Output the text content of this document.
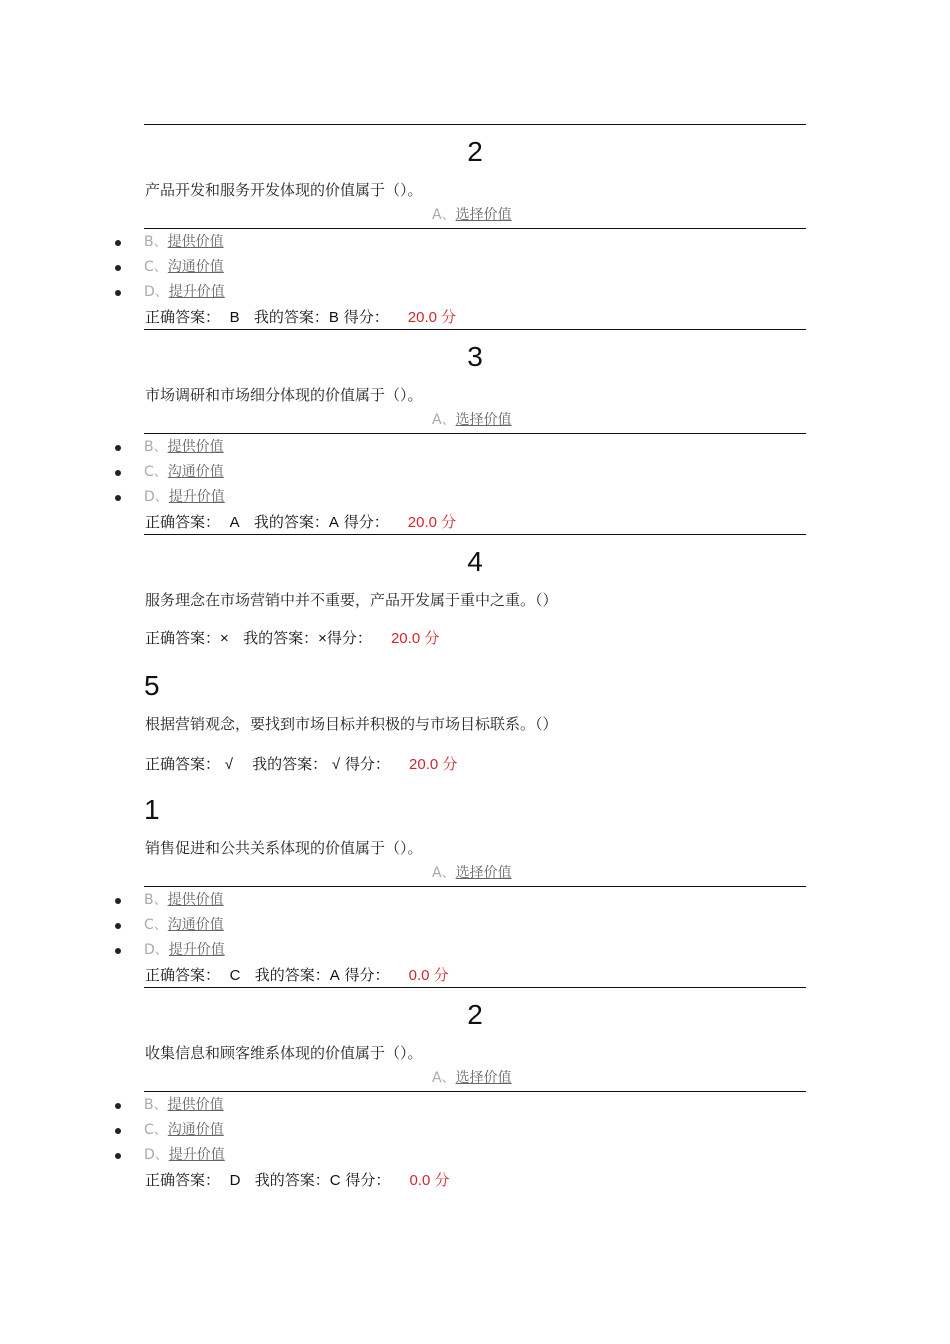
2
产品开发和服务开发体现的价值属于（）。
A、选择价值
B、提供价值
C、沟通价值
D、提升价值
正确答案： B 我的答案：B 得分： 20.0 分
3
市场调研和市场细分体现的价值属于（）。
A、选择价值
B、提供价值
C、沟通价值
D、提升价值
正确答案： A 我的答案：A 得分： 20.0 分
4
服务理念在市场营销中并不重要，产品开发属于重中之重。（）
正确答案：× 我的答案：×得分： 20.0 分
5
根据营销观念，要找到市场目标并积极的与市场目标联系。（）
正确答案： √ 我的答案： √ 得分： 20.0 分
1
销售促进和公共关系体现的价值属于（）。
A、选择价值
B、提供价值
C、沟通价值
D、提升价值
正确答案： C 我的答案：A 得分： 0.0 分
2
收集信息和顾客维系体现的价值属于（）。
A、选择价值
B、提供价值
C、沟通价值
D、提升价值
正确答案： D 我的答案：C 得分： 0.0 分
